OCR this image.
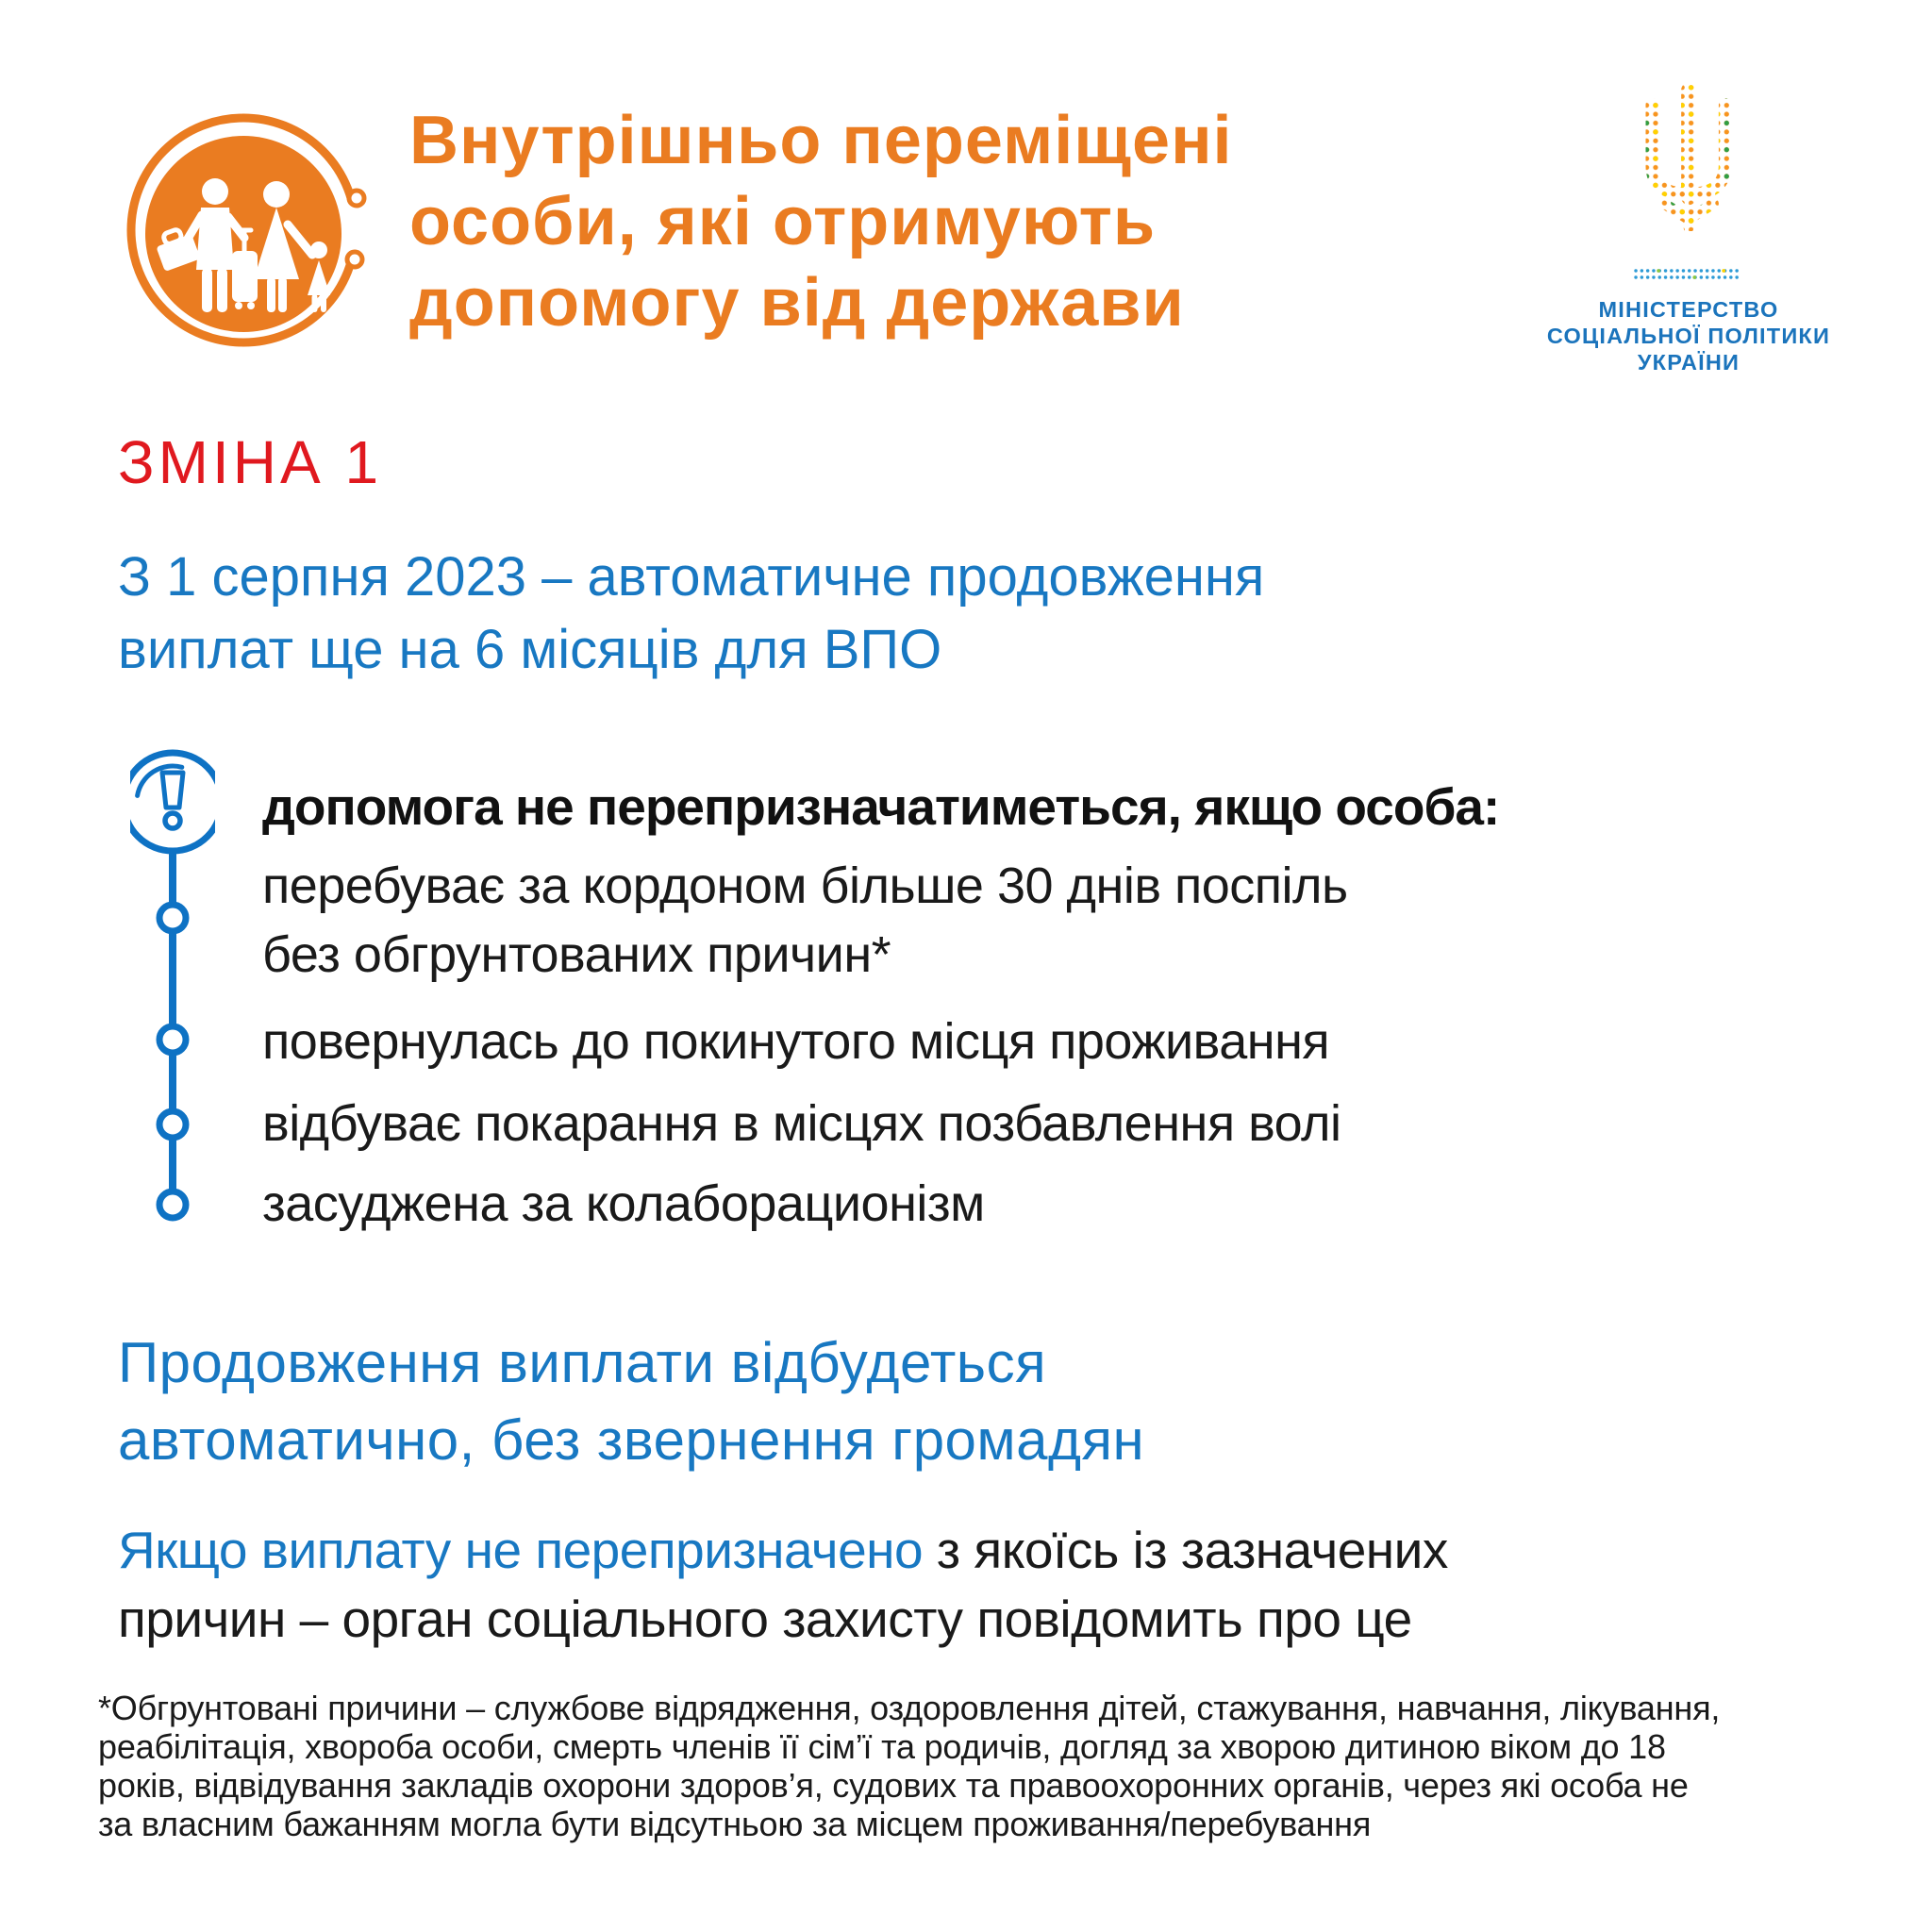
Внутрішньо переміщені
особи, які отримують
допомогу від держави	МІНІСТЕРСТВО
СОЦІАЛЬНОЇ ПОЛІТИКИ
УКРАЇНИ
ЗМІНА 1
З 1 серпня 2023 – автоматичне продовження
виплат ще на 6 місяців для ВПО
допомога не перепризначатиметься, якщо особа:
перебуває за кордоном більше 30 днів поспіль
без обгрунтованих причин*
повернулась до покинутого місця проживання
відбуває покарання в місцях позбавлення волі
засуджена за колаборационізм
Продовження виплати відбудеться
автоматично, без звернення громадян
Якщо виплату не перепризначено з якоїсь із зазначених
причин – орган соціального захисту повідомить про це
*Обгрунтовані причини – службове відрядження, оздоровлення дітей, стажування, навчання, лікування,
реабілітація, хвороба особи, смерть членів її сім’ї та родичів, догляд за хворою дитиною віком до 18
років, відвідування закладів охорони здоров’я, судових та правоохоронних органів, через які особа не
за власним бажанням могла бути відсутньою за місцем проживання/перебування
